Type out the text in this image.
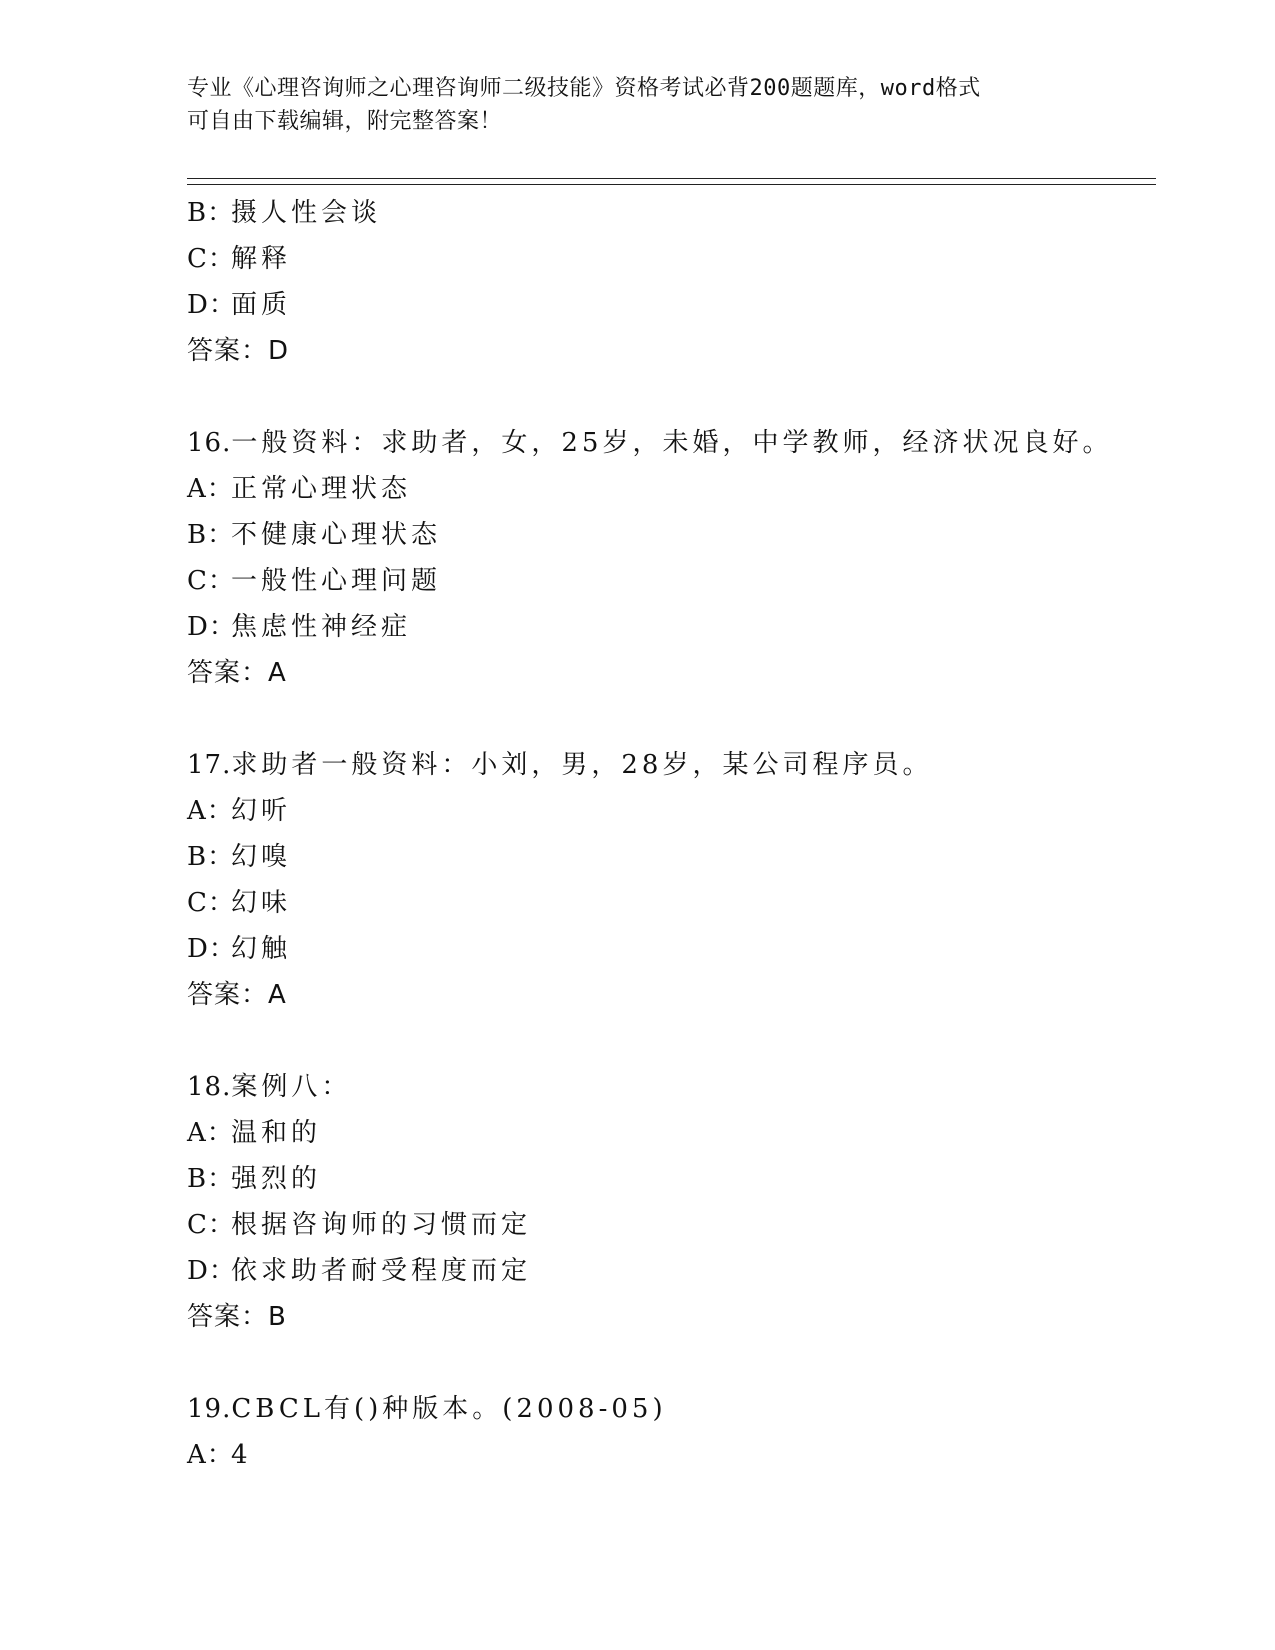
专业《心理咨询师之心理咨询师二级技能》资格考试必背200题题库，word格式
可自由下载编辑，附完整答案！
B：摄人性会谈
C：解释
D：面质
答案：D
16.一般资料：求助者，女，25岁，未婚，中学教师，经济状况良好。
A：正常心理状态
B：不健康心理状态
C：一般性心理问题
D：焦虑性神经症
答案：A
17.求助者一般资料：小刘，男，28岁，某公司程序员。
A：幻听
B：幻嗅
C：幻味
D：幻触
答案：A
18.案例八：
A：温和的
B：强烈的
C：根据咨询师的习惯而定
D：依求助者耐受程度而定
答案：B
19.CBCL有()种版本。(2008-05)
A：4
